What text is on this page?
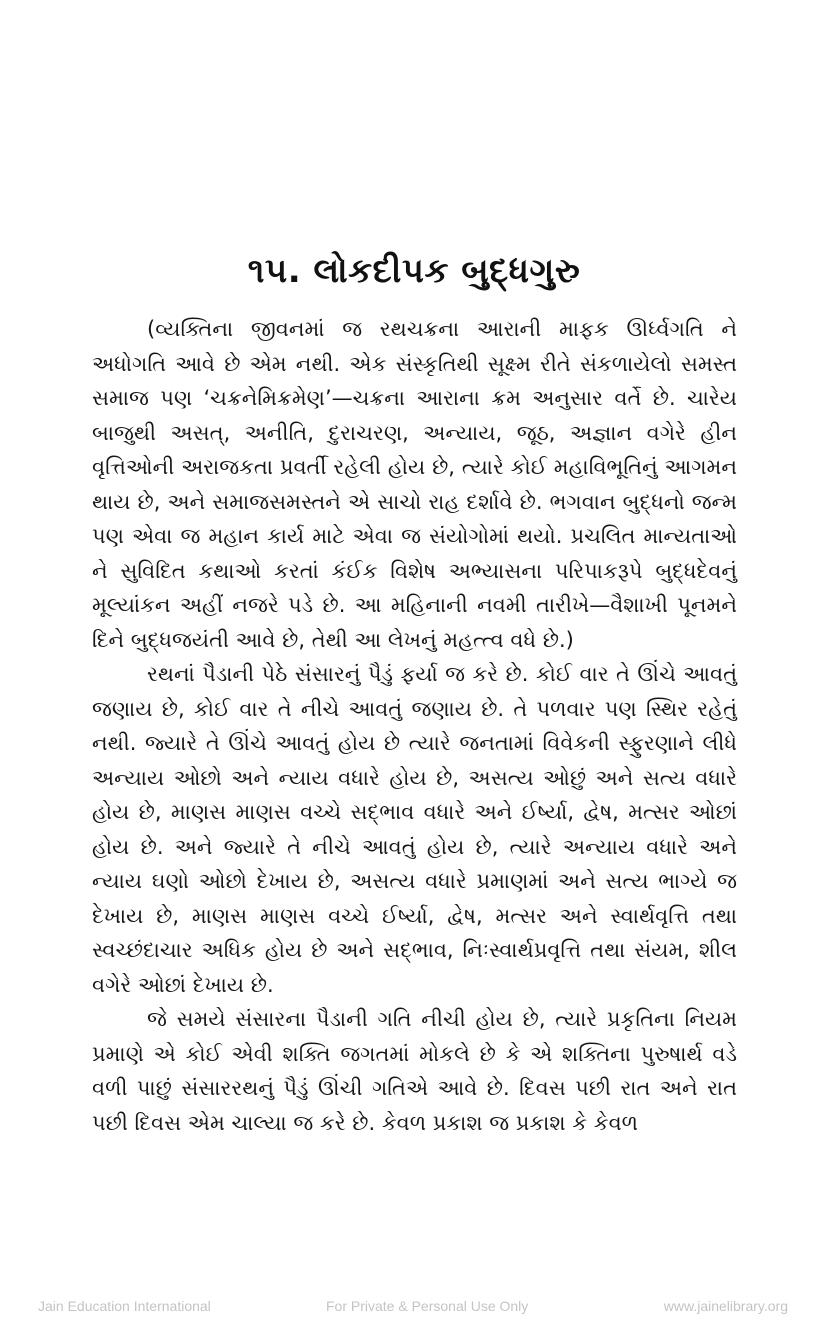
૧૫. લોકદીપક બુદ્ધગુરુ

(વ્યક્તિના જીવનમાં જ રથચક્રના આરાની માફક ઊર્ધ્વગતિ ને અધોગતિ આવે છે એમ નથી. એક સંસ્કૃતિથી સૂક્ષ્મ રીતે સંકળાયેલો સમસ્ત સમાજ પણ ‘ચક્રનેમિક્રમેણ’—ચક્રના આરાના ક્રમ અનુસાર વર્તે છે. ચારેય બાજુથી અસત્, અનીતિ, દુરાચરણ, અન્યાય, જૂઠ, અજ્ઞાન વગેરે હીન વૃત્તિઓની અરાજકતા પ્રવર્તી રહેલી હોય છે, ત્યારે કોઈ મહાવિભૂતિનું આગમન થાય છે, અને સમાજસમસ્તને એ સાચો રાહ દર્શાવે છે. ભગવાન બુદ્ધનો જન્મ પણ એવા જ મહાન કાર્ય માટે એવા જ સંયોગોમાં થયો. પ્રચલિત માન્યતાઓ ને સુવિદિત કથાઓ કરતાં કંઈક વિશેષ અભ્યાસના પરિપાકરૂપે બુદ્ધદેવનું મૂલ્યાંકન અહીં નજરે પડે છે. આ મહિનાની નવમી તારીખે—વૈશાખી પૂનમને દિને બુદ્ધજયંતી આવે છે, તેથી આ લેખનું મહત્ત્વ વધે છે.)

રથનાં પૈડાની પેઠે સંસારનું પૈડું ફર્યા જ કરે છે. કોઈ વાર તે ઊંચે આવતું જણાય છે, કોઈ વાર તે નીચે આવતું જણાય છે. તે પળવાર પણ સ્થિર રહેતું નથી. જ્યારે તે ઊંચે આવતું હોય છે ત્યારે જનતામાં વિવેકની સ્ફુરણાને લીધે અન્યાય ઓછો અને ન્યાય વધારે હોય છે, અસત્ય ઓછું અને સત્ય વધારે હોય છે, માણસ માણસ વચ્ચે સદ્ભાવ વધારે અને ઈર્ષ્યા, દ્વેષ, મત્સર ઓછાં હોય છે. અને જ્યારે તે નીચે આવતું હોય છે, ત્યારે અન્યાય વધારે અને ન્યાય ઘણો ઓછો દેખાય છે, અસત્ય વધારે પ્રમાણમાં અને સત્ય ભાગ્યે જ દેખાય છે, માણસ માણસ વચ્ચે ઈર્ષ્યા, દ્વેષ, મત્સર અને સ્વાર્થવૃત્તિ તથા સ્વચ્છંદાચાર અધિક હોય છે અને સદ્ભાવ, નિઃસ્વાર્થપ્રવૃત્તિ તથા સંયમ, શીલ વગેરે ઓછાં દેખાય છે.

જે સમયે સંસારના પૈડાની ગતિ નીચી હોય છે, ત્યારે પ્રકૃતિના નિયમ પ્રમાણે એ કોઈ એવી શક્તિ જગતમાં મોકલે છે કે એ શક્તિના પુરુષાર્થ વડે વળી પાછું સંસારરથનું પૈડું ઊંચી ગતિએ આવે છે. દિવસ પછી રાત અને રાત પછી દિવસ એમ ચાલ્યા જ કરે છે. કેવળ પ્રકાશ જ પ્રકાશ કે કેવળ

Jain Education International	For Private & Personal Use Only	www.jainelibrary.org
